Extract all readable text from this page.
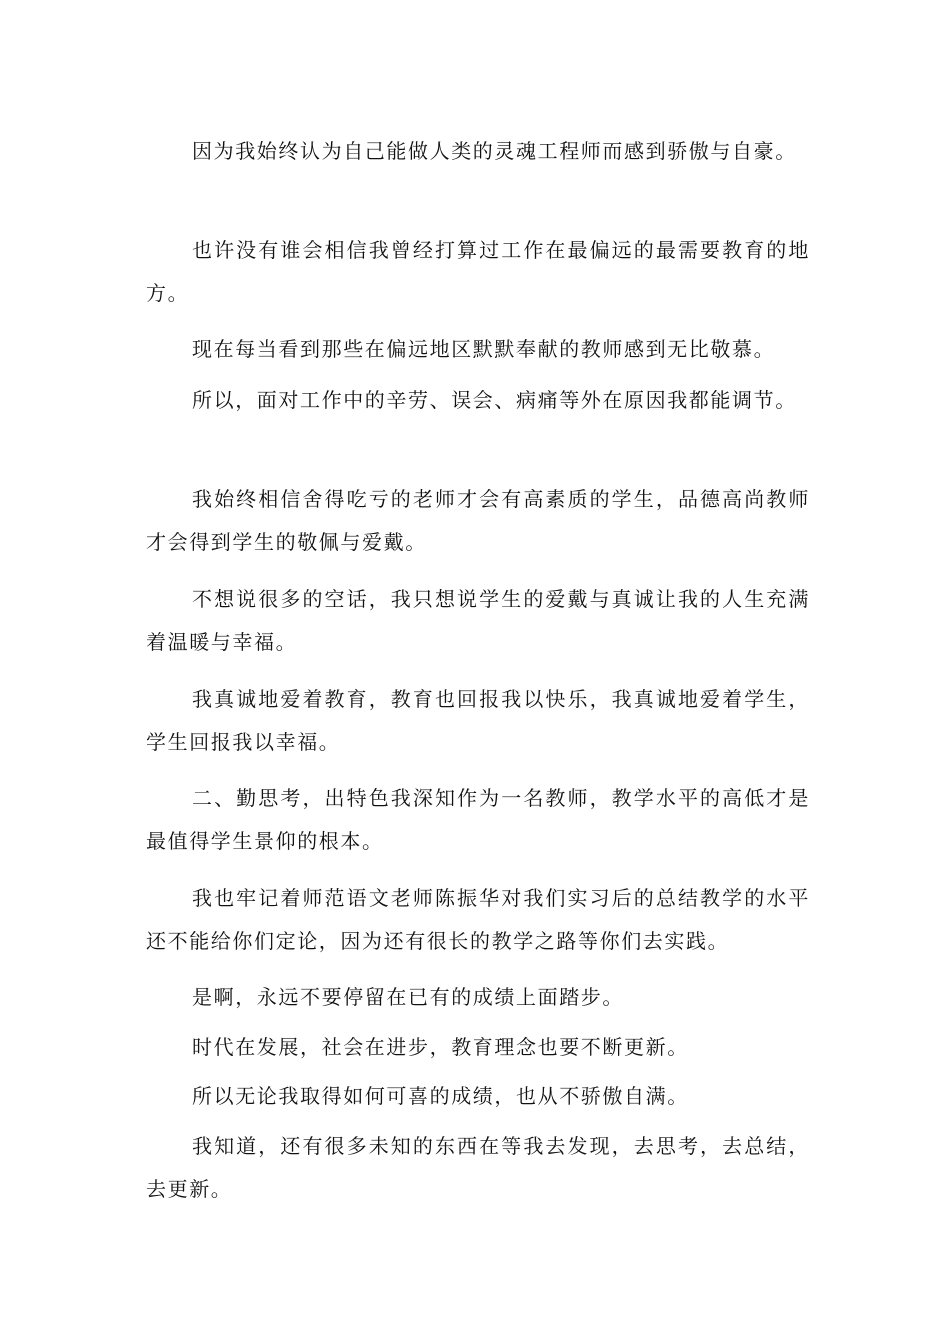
因为我始终认为自己能做人类的灵魂工程师而感到骄傲与自豪。

也许没有谁会相信我曾经打算过工作在最偏远的最需要教育的地方。

现在每当看到那些在偏远地区默默奉献的教师感到无比敬慕。

所以，面对工作中的辛劳、误会、病痛等外在原因我都能调节。

我始终相信舍得吃亏的老师才会有高素质的学生，品德高尚教师才会得到学生的敬佩与爱戴。

不想说很多的空话，我只想说学生的爱戴与真诚让我的人生充满着温暖与幸福。

我真诚地爱着教育，教育也回报我以快乐，我真诚地爱着学生，学生回报我以幸福。

二、勤思考，出特色我深知作为一名教师，教学水平的高低才是最值得学生景仰的根本。

我也牢记着师范语文老师陈振华对我们实习后的总结教学的水平还不能给你们定论，因为还有很长的教学之路等你们去实践。

是啊，永远不要停留在已有的成绩上面踏步。

时代在发展，社会在进步，教育理念也要不断更新。

所以无论我取得如何可喜的成绩，也从不骄傲自满。

我知道，还有很多未知的东西在等我去发现，去思考，去总结，去更新。
